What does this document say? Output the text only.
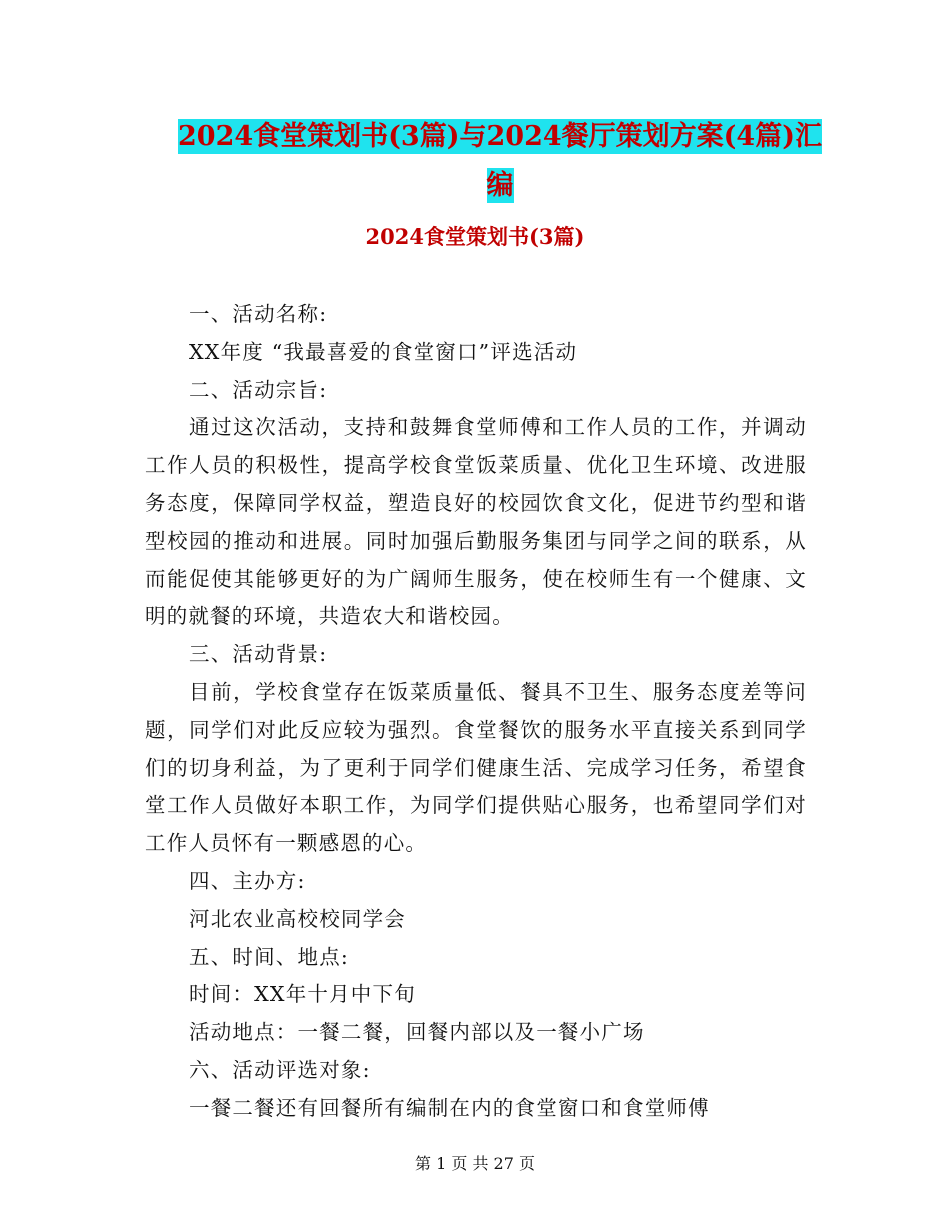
2024食堂策划书(3篇)与2024餐厅策划方案(4篇)汇
编
2024食堂策划书(3篇)

一、活动名称:

XX年度 “我最喜爱的食堂窗口”评选活动

二、活动宗旨:

通过这次活动，支持和鼓舞食堂师傅和工作人员的工作，并调动工作人员的积极性，提高学校食堂饭菜质量、优化卫生环境、改进服务态度，保障同学权益，塑造良好的校园饮食文化，促进节约型和谐型校园的推动和进展。同时加强后勤服务集团与同学之间的联系，从而能促使其能够更好的为广阔师生服务，使在校师生有一个健康、文明的就餐的环境，共造农大和谐校园。

三、活动背景:

目前，学校食堂存在饭菜质量低、餐具不卫生、服务态度差等问题，同学们对此反应较为强烈。食堂餐饮的服务水平直接关系到同学们的切身利益，为了更利于同学们健康生活、完成学习任务，希望食堂工作人员做好本职工作，为同学们提供贴心服务，也希望同学们对工作人员怀有一颗感恩的心。

四、主办方:

河北农业高校校同学会

五、时间、地点:

时间：XX年十月中下旬

活动地点：一餐二餐，回餐内部以及一餐小广场

六、活动评选对象:

一餐二餐还有回餐所有编制在内的食堂窗口和食堂师傅

第 1 页 共 27 页
